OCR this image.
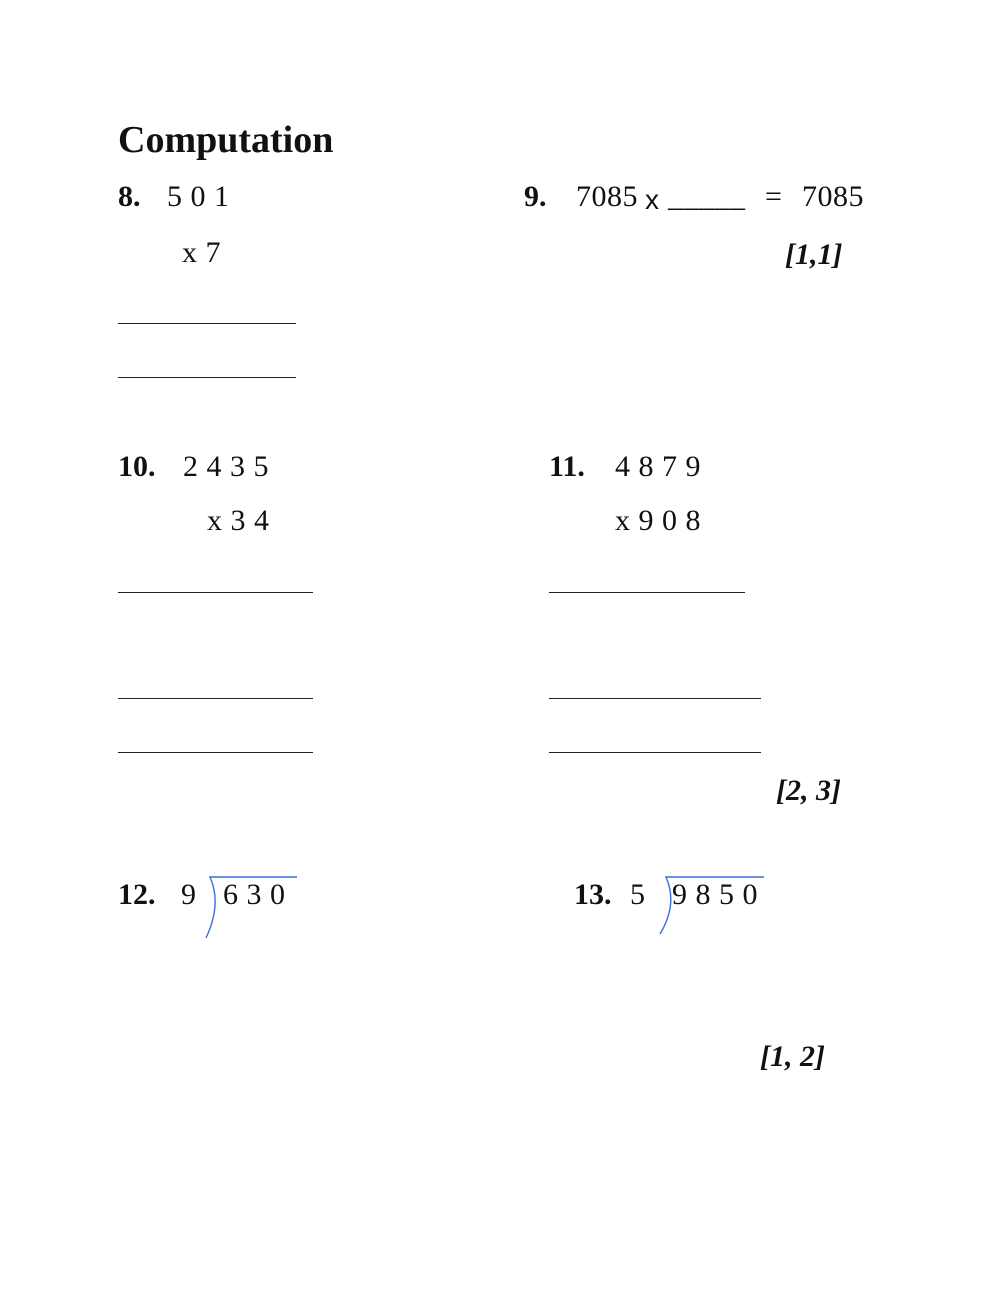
Computation
8. 5 0 1
x 7
9. 7085 x _____ = 7085
[1,1]
10. 2 4 3 5
x 3 4
11. 4 8 7 9
x 9 0 8
[2, 3]
12. 9 6 3 0	13. 5 9 8 5 0
[1, 2]
